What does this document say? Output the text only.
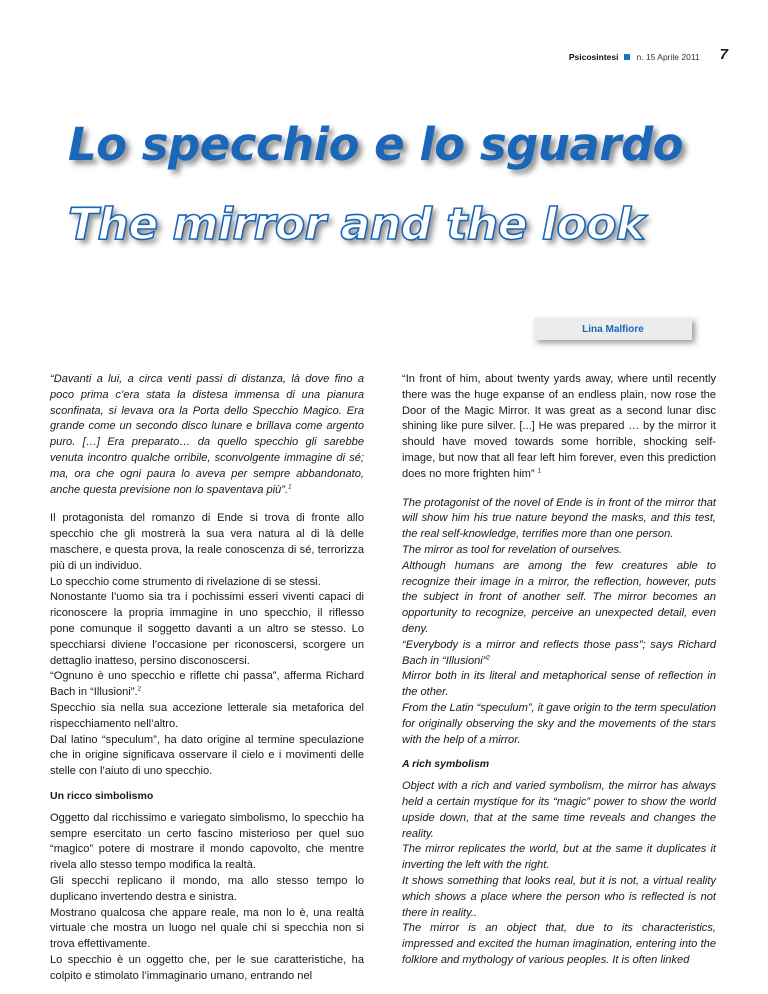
Psicosintesi n. 15 Aprile 2011 7
Lo specchio e lo sguardo
The mirror and the look
Lina Malfiore

“Davanti a lui, a circa venti passi di distanza, là dove fino a poco prima c’era stata la distesa immensa di una pianura sconfinata, si levava ora la Porta dello Specchio Magico. Era grande come un secondo disco lunare e brillava come argento puro. […] Era preparato… da quello specchio gli sarebbe venuta incontro qualche orribile, sconvolgente immagine di sé; ma, ora che ogni paura lo aveva per sempre abbandonato, anche questa previsione non lo spaventava più”.$^1$

Il protagonista del romanzo di Ende si trova di fronte allo specchio che gli mostrerà la sua vera natura al di là delle maschere, e questa prova, la reale conoscenza di sé, terrorizza più di un individuo.

Lo specchio come strumento di rivelazione di se stessi.

Nonostante l’uomo sia tra i pochissimi esseri viventi capaci di riconoscere la propria immagine in uno specchio, il riflesso pone comunque il soggetto davanti a un altro se stesso. Lo specchiarsi diviene l’occasione per riconoscersi, scorgere un dettaglio inatteso, persino disconoscersi.

“Ognuno è uno specchio e riflette chi passa”, afferma Richard Bach in “Illusioni”.$^2$

Specchio sia nella sua accezione letterale sia metaforica del rispecchiamento nell’altro.

Dal latino “speculum”, ha dato origine al termine speculazione che in origine significava osservare il cielo e i movimenti delle stelle con l’aiuto di uno specchio.

Un ricco simbolismo

Oggetto dal ricchissimo e variegato simbolismo, lo specchio ha sempre esercitato un certo fascino misterioso per quel suo “magico” potere di mostrare il mondo capovolto, che mentre rivela allo stesso tempo modifica la realtà.

Gli specchi replicano il mondo, ma allo stesso tempo lo duplicano invertendo destra e sinistra.

Mostrano qualcosa che appare reale, ma non lo è, una realtà virtuale che mostra un luogo nel quale chi si specchia non si trova effettivamente.

Lo specchio è un oggetto che, per le sue caratteristiche, ha colpito e stimolato l’immaginario umano, entrando nel

“In front of him, about twenty yards away, where until recently there was the huge expanse of an endless plain, now rose the Door of the Magic Mirror. It was great as a second lunar disc shining like pure silver. [...] He was prepared … by the mirror it should have moved towards some horrible, shocking self-image, but now that all fear left him forever, even this prediction does no more frighten him” $^1$

The protagonist of the novel of Ende is in front of the mirror that will show him his true nature beyond the masks, and this test, the real self-knowledge, terrifies more than one person.

The mirror as tool for revelation of ourselves.

Although humans are among the few creatures able to recognize their image in a mirror, the reflection, however, puts the subject in front of another self. The mirror becomes an opportunity to recognize, perceive an unexpected detail, even deny.

“Everybody is a mirror and reflects those pass”; says Richard Bach in “Illusioni”$^2$

Mirror both in its literal and metaphorical sense of reflection in the other.

From the Latin “speculum”, it gave origin to the term speculation for originally observing the sky and the movements of the stars with the help of a mirror.

A rich symbolism

Object with a rich and varied symbolism, the mirror has always held a certain mystique for its “magic” power to show the world upside down, that at the same time reveals and changes the reality.

The mirror replicates the world, but at the same it duplicates it inverting the left with the right.

It shows something that looks real, but it is not, a virtual reality which shows a place where the person who is reflected is not there in reality..

The mirror is an object that, due to its characteristics, impressed and excited the human imagination, entering into the folklore and mythology of various peoples. It is often linked
